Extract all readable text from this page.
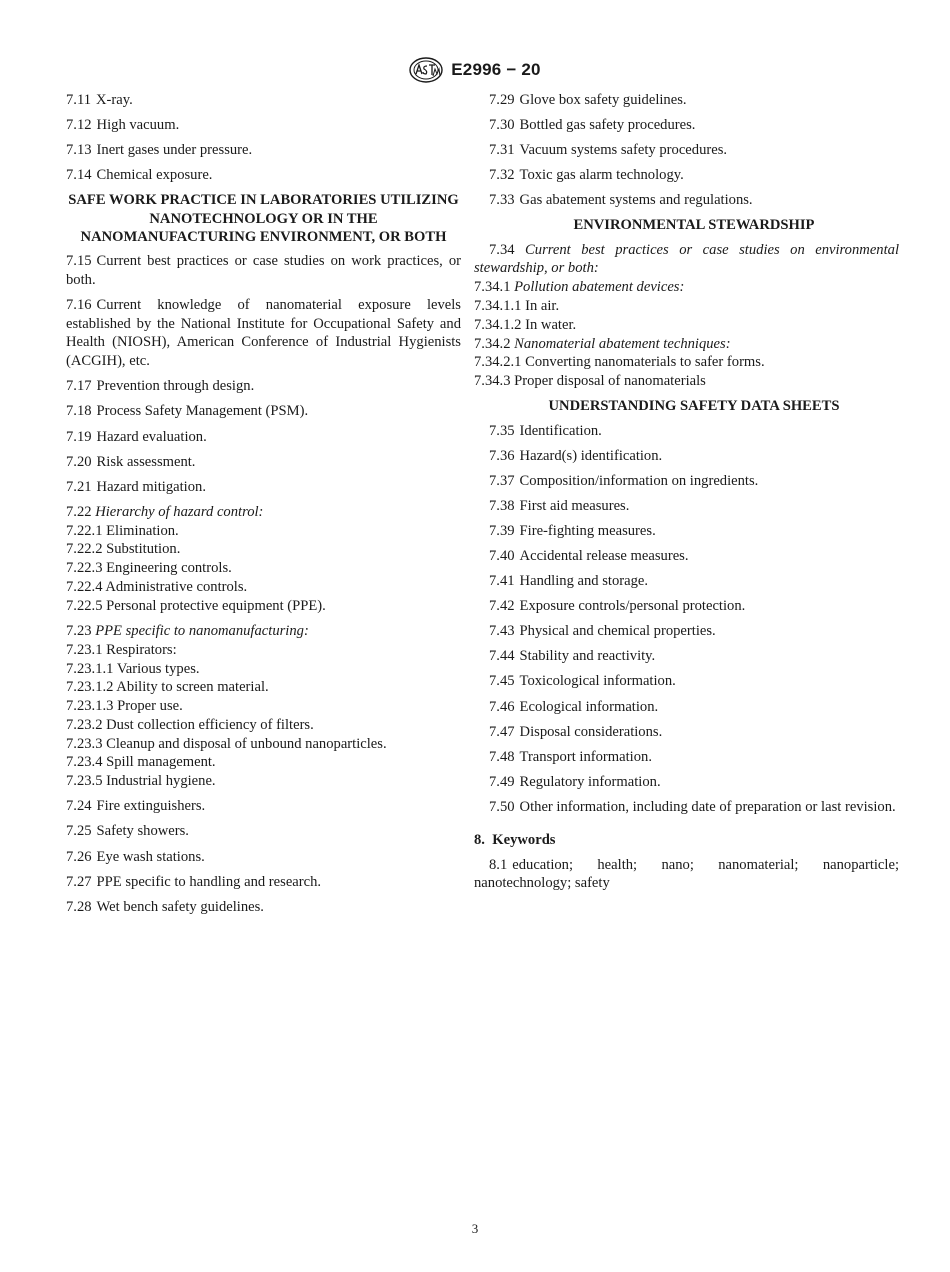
E2996 − 20

7.11 X-ray.

7.12 High vacuum.

7.13 Inert gases under pressure.

7.14 Chemical exposure.

SAFE WORK PRACTICE IN LABORATORIES UTILIZING NANOTECHNOLOGY OR IN THE NANOMANUFACTURING ENVIRONMENT, OR BOTH

7.15 Current best practices or case studies on work practices, or both.

7.16 Current knowledge of nanomaterial exposure levels established by the National Institute for Occupational Safety and Health (NIOSH), American Conference of Industrial Hygienists (ACGIH), etc.

7.17 Prevention through design.

7.18 Process Safety Management (PSM).

7.19 Hazard evaluation.

7.20 Risk assessment.

7.21 Hazard mitigation.

7.22 Hierarchy of hazard control:

7.22.1 Elimination.

7.22.2 Substitution.

7.22.3 Engineering controls.

7.22.4 Administrative controls.

7.22.5 Personal protective equipment (PPE).

7.23 PPE specific to nanomanufacturing:

7.23.1 Respirators:

7.23.1.1 Various types.

7.23.1.2 Ability to screen material.

7.23.1.3 Proper use.

7.23.2 Dust collection efficiency of filters.

7.23.3 Cleanup and disposal of unbound nanoparticles.

7.23.4 Spill management.

7.23.5 Industrial hygiene.

7.24 Fire extinguishers.

7.25 Safety showers.

7.26 Eye wash stations.

7.27 PPE specific to handling and research.

7.28 Wet bench safety guidelines.

7.29 Glove box safety guidelines.

7.30 Bottled gas safety procedures.

7.31 Vacuum systems safety procedures.

7.32 Toxic gas alarm technology.

7.33 Gas abatement systems and regulations.

ENVIRONMENTAL STEWARDSHIP

7.34 Current best practices or case studies on environmental stewardship, or both:

7.34.1 Pollution abatement devices:

7.34.1.1 In air.

7.34.1.2 In water.

7.34.2 Nanomaterial abatement techniques:

7.34.2.1 Converting nanomaterials to safer forms.

7.34.3 Proper disposal of nanomaterials

UNDERSTANDING SAFETY DATA SHEETS

7.35 Identification.

7.36 Hazard(s) identification.

7.37 Composition/information on ingredients.

7.38 First aid measures.

7.39 Fire-fighting measures.

7.40 Accidental release measures.

7.41 Handling and storage.

7.42 Exposure controls/personal protection.

7.43 Physical and chemical properties.

7.44 Stability and reactivity.

7.45 Toxicological information.

7.46 Ecological information.

7.47 Disposal considerations.

7.48 Transport information.

7.49 Regulatory information.

7.50 Other information, including date of preparation or last revision.

8. Keywords

8.1 education; health; nano; nanomaterial; nanoparticle; nanotechnology; safety

3
